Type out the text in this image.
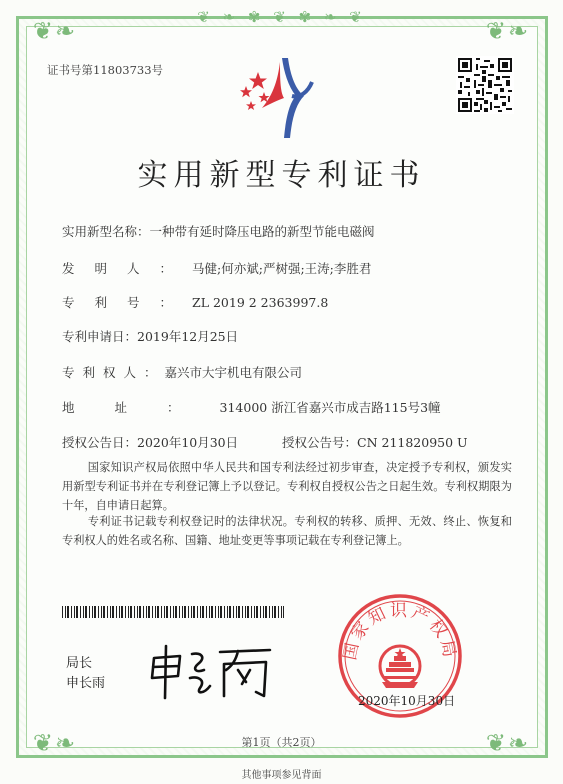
❦ ❧ ✾ ❦ ✾ ❧ ❦
❦❧	❦❧
❦❧	❦❧
证书号第11803733号
实用新型专利证书
实用新型名称：一种带有延时降压电路的新型节能电磁阀
发明人：马健;何亦斌;严树强;王涛;李胜君
专利号：ZL 2019 2 2363997.8
专利申请日：2019年12月25日
专利权人：嘉兴市大宇机电有限公司
地址：314000 浙江省嘉兴市成吉路115号3幢
授权公告日：2020年10月30日	授权公告号：CN 211820950 U

国家知识产权局依照中华人民共和国专利法经过初步审查，决定授予专利权，颁发实用新型专利证书并在专利登记簿上予以登记。专利权自授权公告之日起生效。专利权期限为十年，自申请日起算。

专利证书记载专利权登记时的法律状况。专利权的转移、质押、无效、终止、恢复和专利权人的姓名或名称、国籍、地址变更等事项记载在专利登记簿上。

局长
申长雨
国家知识产权局
2020年10月30日
第1页（共2页）
其他事项参见背面
